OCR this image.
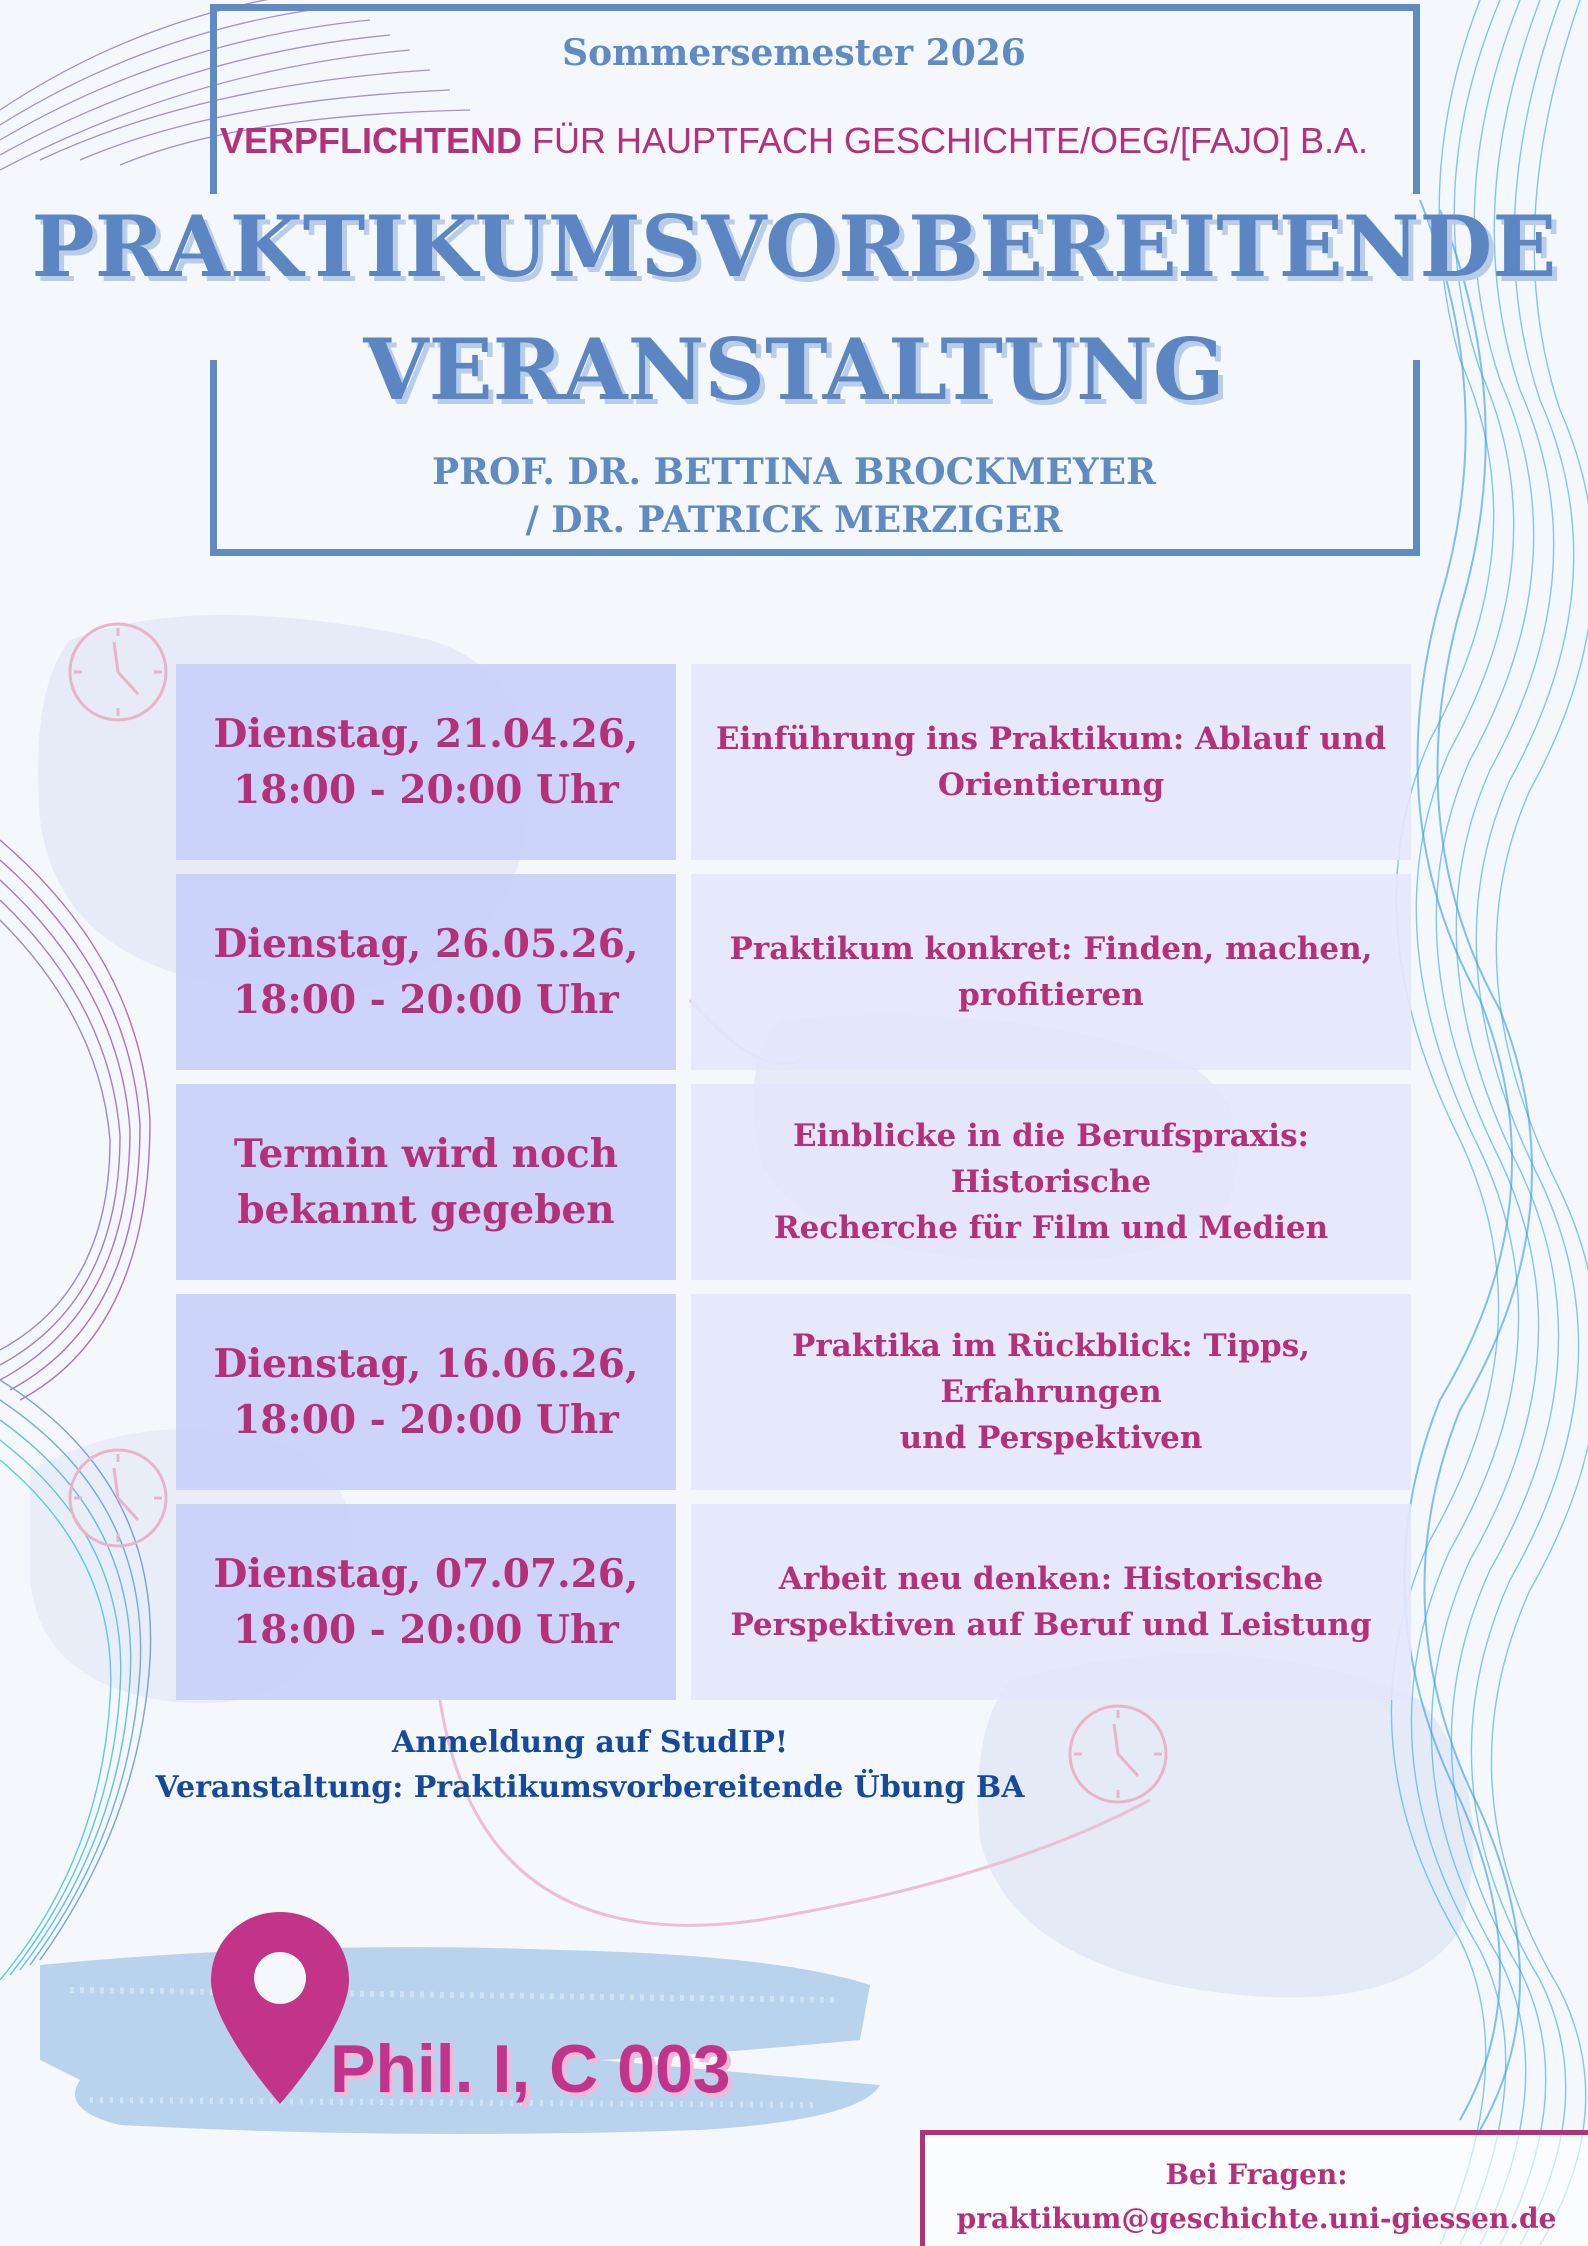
Sommersemester 2026
VERPFLICHTEND FÜR HAUPTFACH GESCHICHTE/OEG/[FAJO] B.A.
PRAKTIKUMSVORBEREITENDE
VERANSTALTUNG
PROF. DR. BETTINA BROCKMEYER
/ DR. PATRICK MERZIGER
Dienstag, 21.04.26,
18:00 - 20:00 Uhr
Einführung ins Praktikum: Ablauf und
Orientierung
Dienstag, 26.05.26,
18:00 - 20:00 Uhr
Praktikum konkret: Finden, machen,
profitieren
Termin wird noch
bekannt gegeben
Einblicke in die Berufspraxis: Historische
Recherche für Film und Medien
Dienstag, 16.06.26,
18:00 - 20:00 Uhr
Praktika im Rückblick: Tipps, Erfahrungen
und Perspektiven
Dienstag, 07.07.26,
18:00 - 20:00 Uhr
Arbeit neu denken: Historische
Perspektiven auf Beruf und Leistung
Anmeldung auf StudIP!
Veranstaltung: Praktikumsvorbereitende Übung BA
Phil. I, C 003
Bei Fragen:
praktikum@geschichte.uni-giessen.de
